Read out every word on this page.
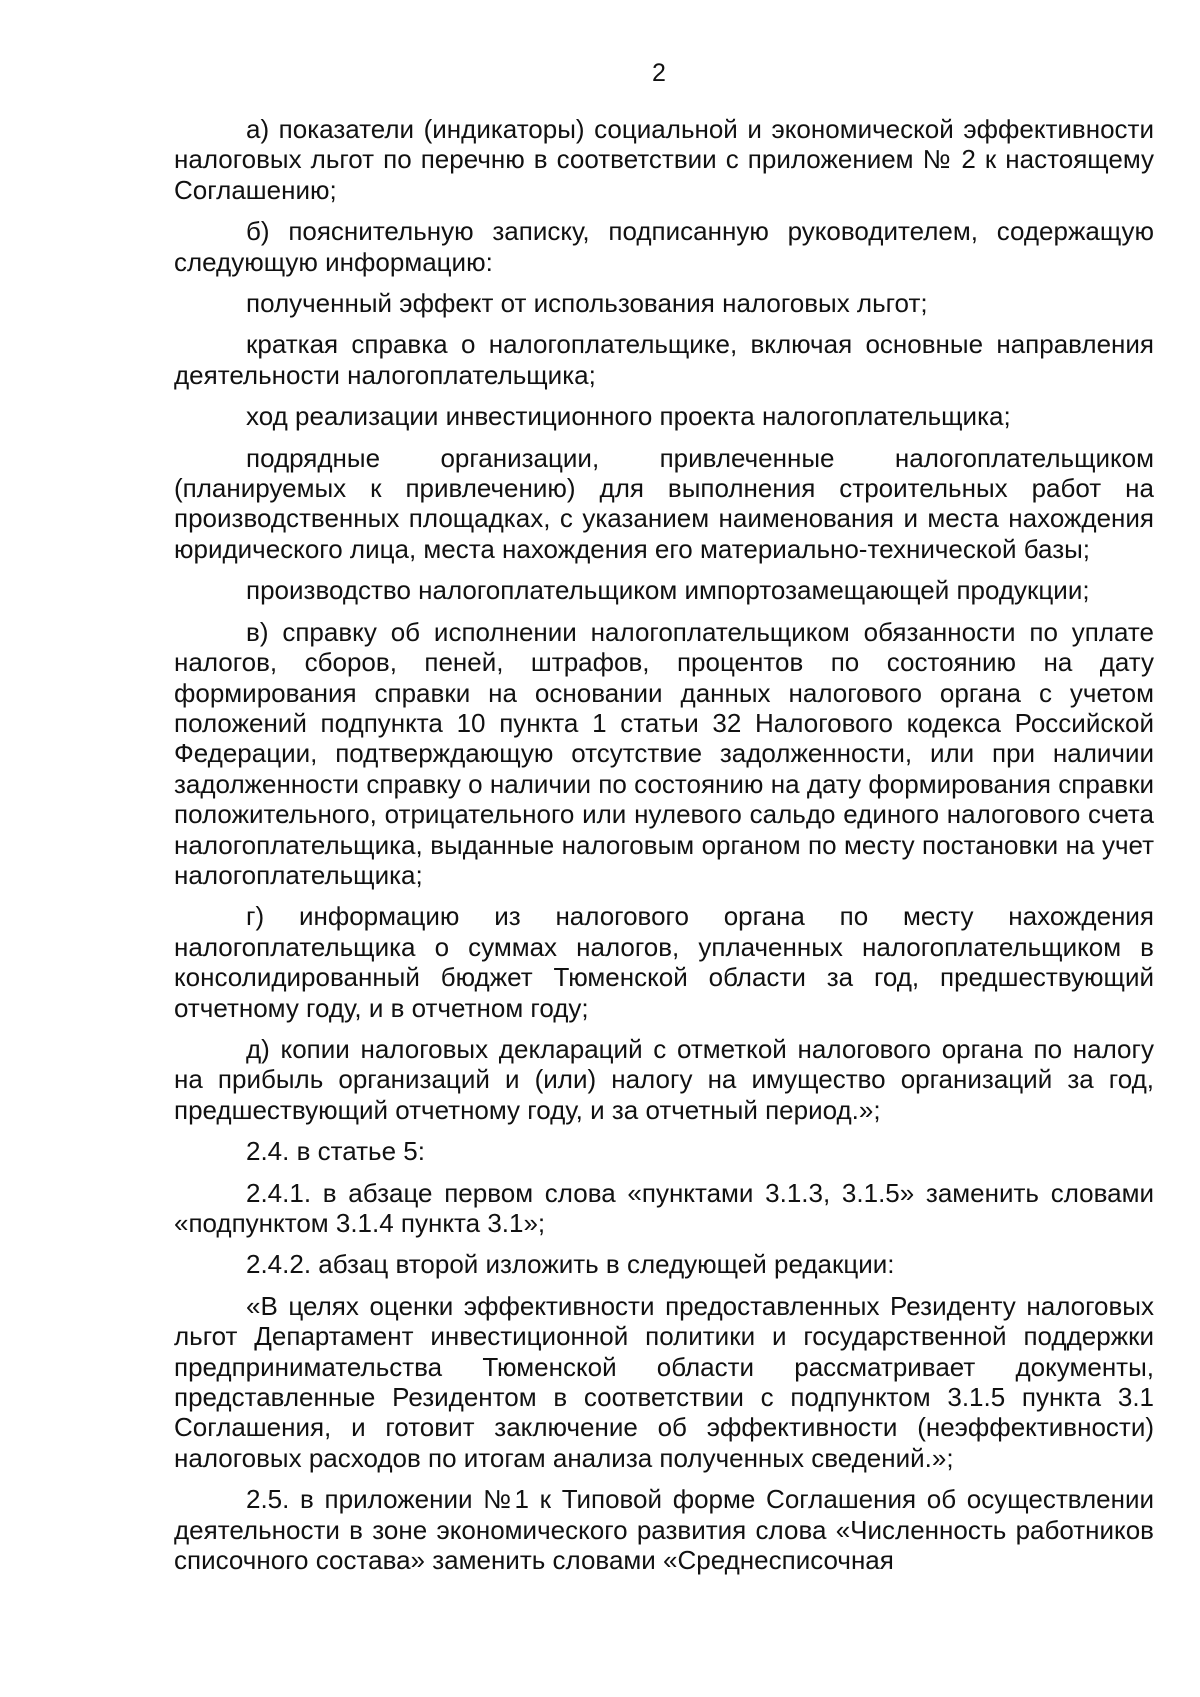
2

а) показатели (индикаторы) социальной и экономической эффективности налоговых льгот по перечню в соответствии с приложением № 2 к настоящему Соглашению;

б) пояснительную записку, подписанную руководителем, содержащую следующую информацию:

полученный эффект от использования налоговых льгот;

краткая справка о налогоплательщике, включая основные направления деятельности налогоплательщика;

ход реализации инвестиционного проекта налогоплательщика;

подрядные организации, привлеченные налогоплательщиком (планируемых к привлечению) для выполнения строительных работ на производственных площадках, с указанием наименования и места нахождения юридического лица, места нахождения его материально-технической базы;

производство налогоплательщиком импортозамещающей продукции;

в) справку об исполнении налогоплательщиком обязанности по уплате налогов, сборов, пеней, штрафов, процентов по состоянию на дату формирования справки на основании данных налогового органа с учетом положений подпункта 10 пункта 1 статьи 32 Налогового кодекса Российской Федерации, подтверждающую отсутствие задолженности, или при наличии задолженности справку о наличии по состоянию на дату формирования справки положительного, отрицательного или нулевого сальдо единого налогового счета налогоплательщика, выданные налоговым органом по месту постановки на учет налогоплательщика;

г) информацию из налогового органа по месту нахождения налогоплательщика о суммах налогов, уплаченных налогоплательщиком в консолидированный бюджет Тюменской области за год, предшествующий отчетному году, и в отчетном году;

д) копии налоговых деклараций с отметкой налогового органа по налогу на прибыль организаций и (или) налогу на имущество организаций за год, предшествующий отчетному году, и за отчетный период.»;

2.4. в статье 5:

2.4.1. в абзаце первом слова «пунктами 3.1.3, 3.1.5» заменить словами «подпунктом 3.1.4 пункта 3.1»;

2.4.2. абзац второй изложить в следующей редакции:

«В целях оценки эффективности предоставленных Резиденту налоговых льгот Департамент инвестиционной политики и государственной поддержки предпринимательства Тюменской области рассматривает документы, представленные Резидентом в соответствии с подпунктом 3.1.5 пункта 3.1 Соглашения, и готовит заключение об эффективности (неэффективности) налоговых расходов по итогам анализа полученных сведений.»;

2.5. в приложении №1 к Типовой форме Соглашения об осуществлении деятельности в зоне экономического развития слова «Численность работников списочного состава» заменить словами «Среднесписочная
